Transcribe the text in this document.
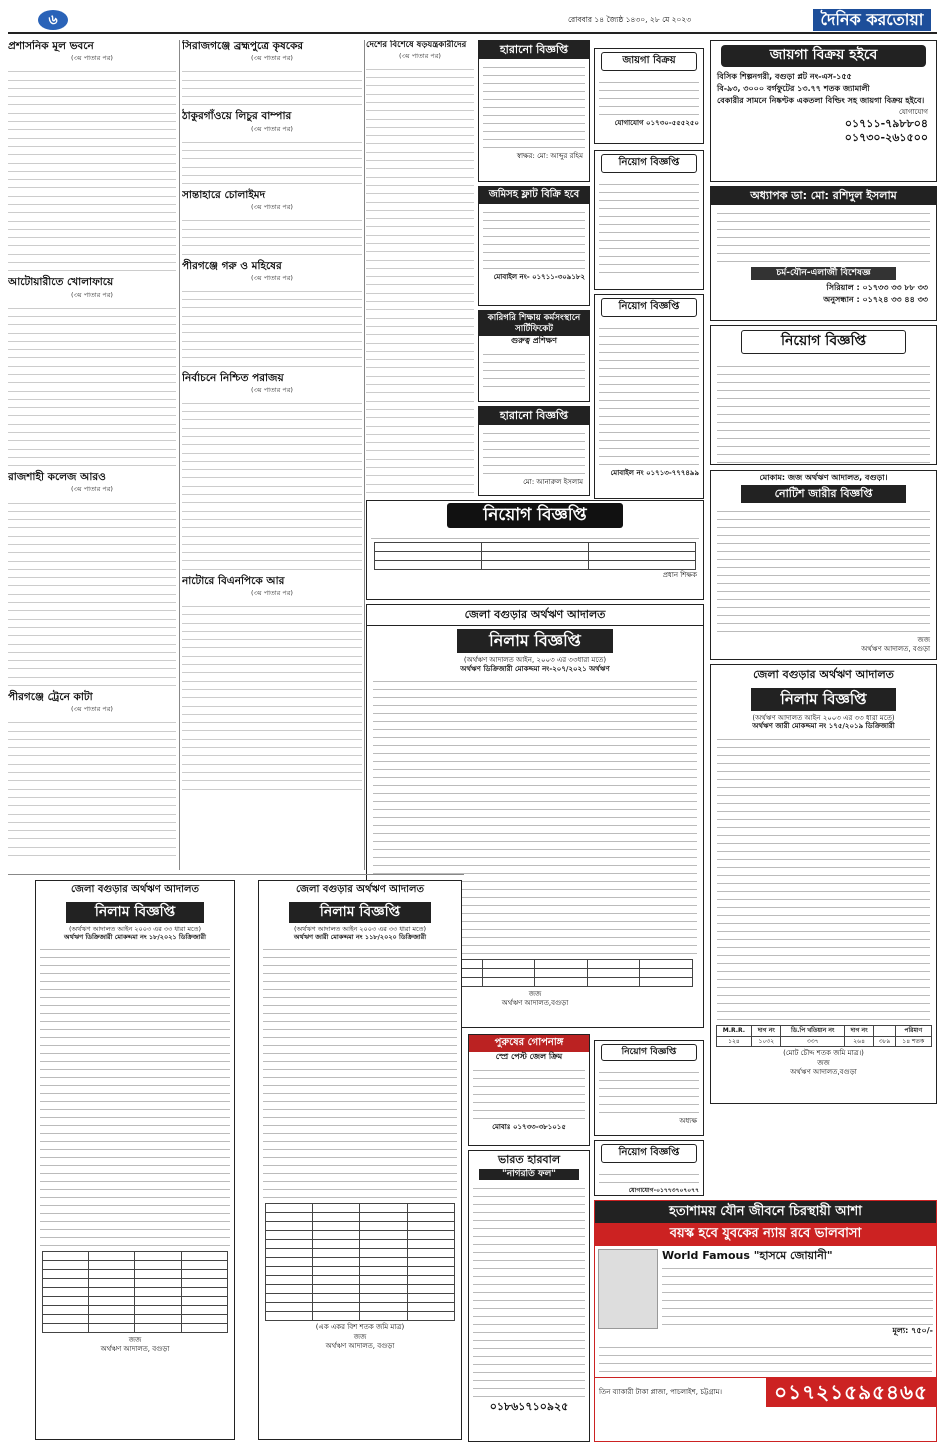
৬	রোববার ১৪ জ্যৈষ্ঠ ১৪৩০, ২৮ মে ২০২৩	দৈনিক করতোয়া
প্রশাসনিক মূল ভবনে
(৩য় পাতার পর)

আটোয়ারীতে খোলাফায়ে
(৩য় পাতার পর)

রাজশাহী কলেজ আরও
(৩য় পাতার পর)

পীরগঞ্জে ট্রেনে কাটা
(৩য় পাতার পর)

সিরাজগঞ্জে ব্রহ্মপুত্রে কৃষকের
(৩য় পাতার পর)

ঠাকুরগাঁওয়ে লিচুর বাম্পার
(৩য় পাতার পর)

সান্তাহারে চোলাইমদ
(৩য় পাতার পর)

পীরগঞ্জে গরু ও মহিষের
(৩য় পাতার পর)

নির্বাচনে নিশ্চিত পরাজয়
(৩য় পাতার পর)

নাটোরে বিএনপিকে আর
(৩য় পাতার পর)

দেশের বিশেষে ষড়যন্ত্রকারীদের
(৩য় পাতার পর)	হারানো বিজ্ঞপ্তি
স্বাক্ষর: মো: আব্দুর রহিম
জায়গা বিক্রয়
যোগাযোগ ০১৭৩০-৫৫৫২৫০
জায়গা বিক্রয় হইবে
বিসিক শিল্পনগরী, বগুড়া প্লট নং-এস-১৫৫
বি-৯৩, ৩০০০ বর্গফুটের ১৩.৭৭ শতক জ্যামালী
বেকারীর সামনে নিষ্কণ্টক একতলা বিল্ডিং সহ জায়গা বিক্রয় হইবে।
যোগাযোগ
০১৭১১-৭৯৮৮০৪
০১৭৩০-২৬১৫০০
জমিসহ ফ্লাট বিক্রি হবে
মোবাইল নং- ০১৭১১-৩০৯১৮২
নিয়োগ বিজ্ঞপ্তি
অধ্যাপক ডা: মো: রশিদুল ইসলাম
চর্ম-যৌন-এলার্জী বিশেষজ্ঞ
সিরিয়াল : ০১৭৩৩ ৩৩ ৮৮ ৩৩
অনুসন্ধান : ০১৭২৪ ৩৩ ৪৪ ৩৩
কারিগরি শিক্ষায় কর্মসংস্থানে সার্টিফিকেট
গুরুত্ব প্রশিক্ষণ
নিয়োগ বিজ্ঞপ্তি
মোবাইল নং ০১৭১৩-৭৭৭৪৯৯
নিয়োগ বিজ্ঞপ্তি
হারানো বিজ্ঞপ্তি
মো: আনারুল ইসলাম
নিয়োগ বিজ্ঞপ্তি

প্রধান শিক্ষক
মোকাম: জজ অর্থঋণ আদালত, বগুড়া।
নোটিশ জারীর বিজ্ঞপ্তি
জজ
অর্থঋণ আদালত, বগুড়া
জেলা বগুড়ার অর্থঋণ আদালত
নিলাম বিজ্ঞপ্তি
(অর্থঋণ আদালত আইন, ২০০৩ এর ৩৩ধারা মতে)
অর্থঋণ ডিক্রিজারী মোকদ্দমা নং-২০৭/২০২১ অর্থঋণ

জজ
অর্থঋণ আদালত,বগুড়া
জেলা বগুড়ার অর্থঋণ আদালত
নিলাম বিজ্ঞপ্তি
(অর্থঋণ আদালত আইন ২০০৩ এর ৩৩ ধারা মতে)
অর্থঋণ জারী মোকদ্দমা নং ১৭৫/২০১৯ ডিক্রিজারী
M.R.R.	দাগ নং	ডি.পি খতিয়ান নং	দাগ নং		পরিমাণ
১২৪	১০৩২	৩৩৭	২৬৪	৩৮৯	১৪ শতক
(মোট চৌদ্দ শতক জমি মাত্র।)
জজ
অর্থঋণ আদালত,বগুড়া
জেলা বগুড়ার অর্থঋণ আদালত
নিলাম বিজ্ঞপ্তি
(অর্থঋণ আদালত আইন ২০০৩ এর ৩৩ ধারা মতে)
অর্থঋণ ডিক্রিজারী মোকদ্দমা নং ১৮/২০২১ ডিক্রিজারী

জজ
অর্থঋণ আদালত, বগুড়া
জেলা বগুড়ার অর্থঋণ আদালত
নিলাম বিজ্ঞপ্তি
(অর্থঋণ আদালত আইন ২০০৩ এর ৩৩ ধারা মতে)
অর্থঋণ জারী মোকদ্দমা নং ১১৮/২০২০ ডিক্রিজারী

(এক একর বিশ শতক জমি মাত্র)
জজ
অর্থঋণ আদালত, বগুড়া
পুরুষের গোপনাঙ্গ
স্প্রে পেস্ট জেল ক্রিম
মোবাঃ ০১৭৩৩-৩৮১০১৫
নিয়োগ বিজ্ঞপ্তি
যোগাযোগ-০১৭৭৩৭০৭০৭৭
ভারত হারবাল
"নাগরতি ফল"
০১৮৬১৭১০৯২৫
হতাশাময় যৌন জীবনে চিরস্থায়ী আশা
বয়স্ক হবে যুবকের ন্যায় রবে ভালবাসা
World Famous "হাসমে জোয়ানী"
মূল্য: ৭৫০/-
তিন ব্যাকারী টাকা প্লাজা, পাচলাইশ, চট্টগ্রাম।	০১৭২১৫৯৫৪৬৫
নিয়োগ বিজ্ঞপ্তি
অধ্যক্ষ
